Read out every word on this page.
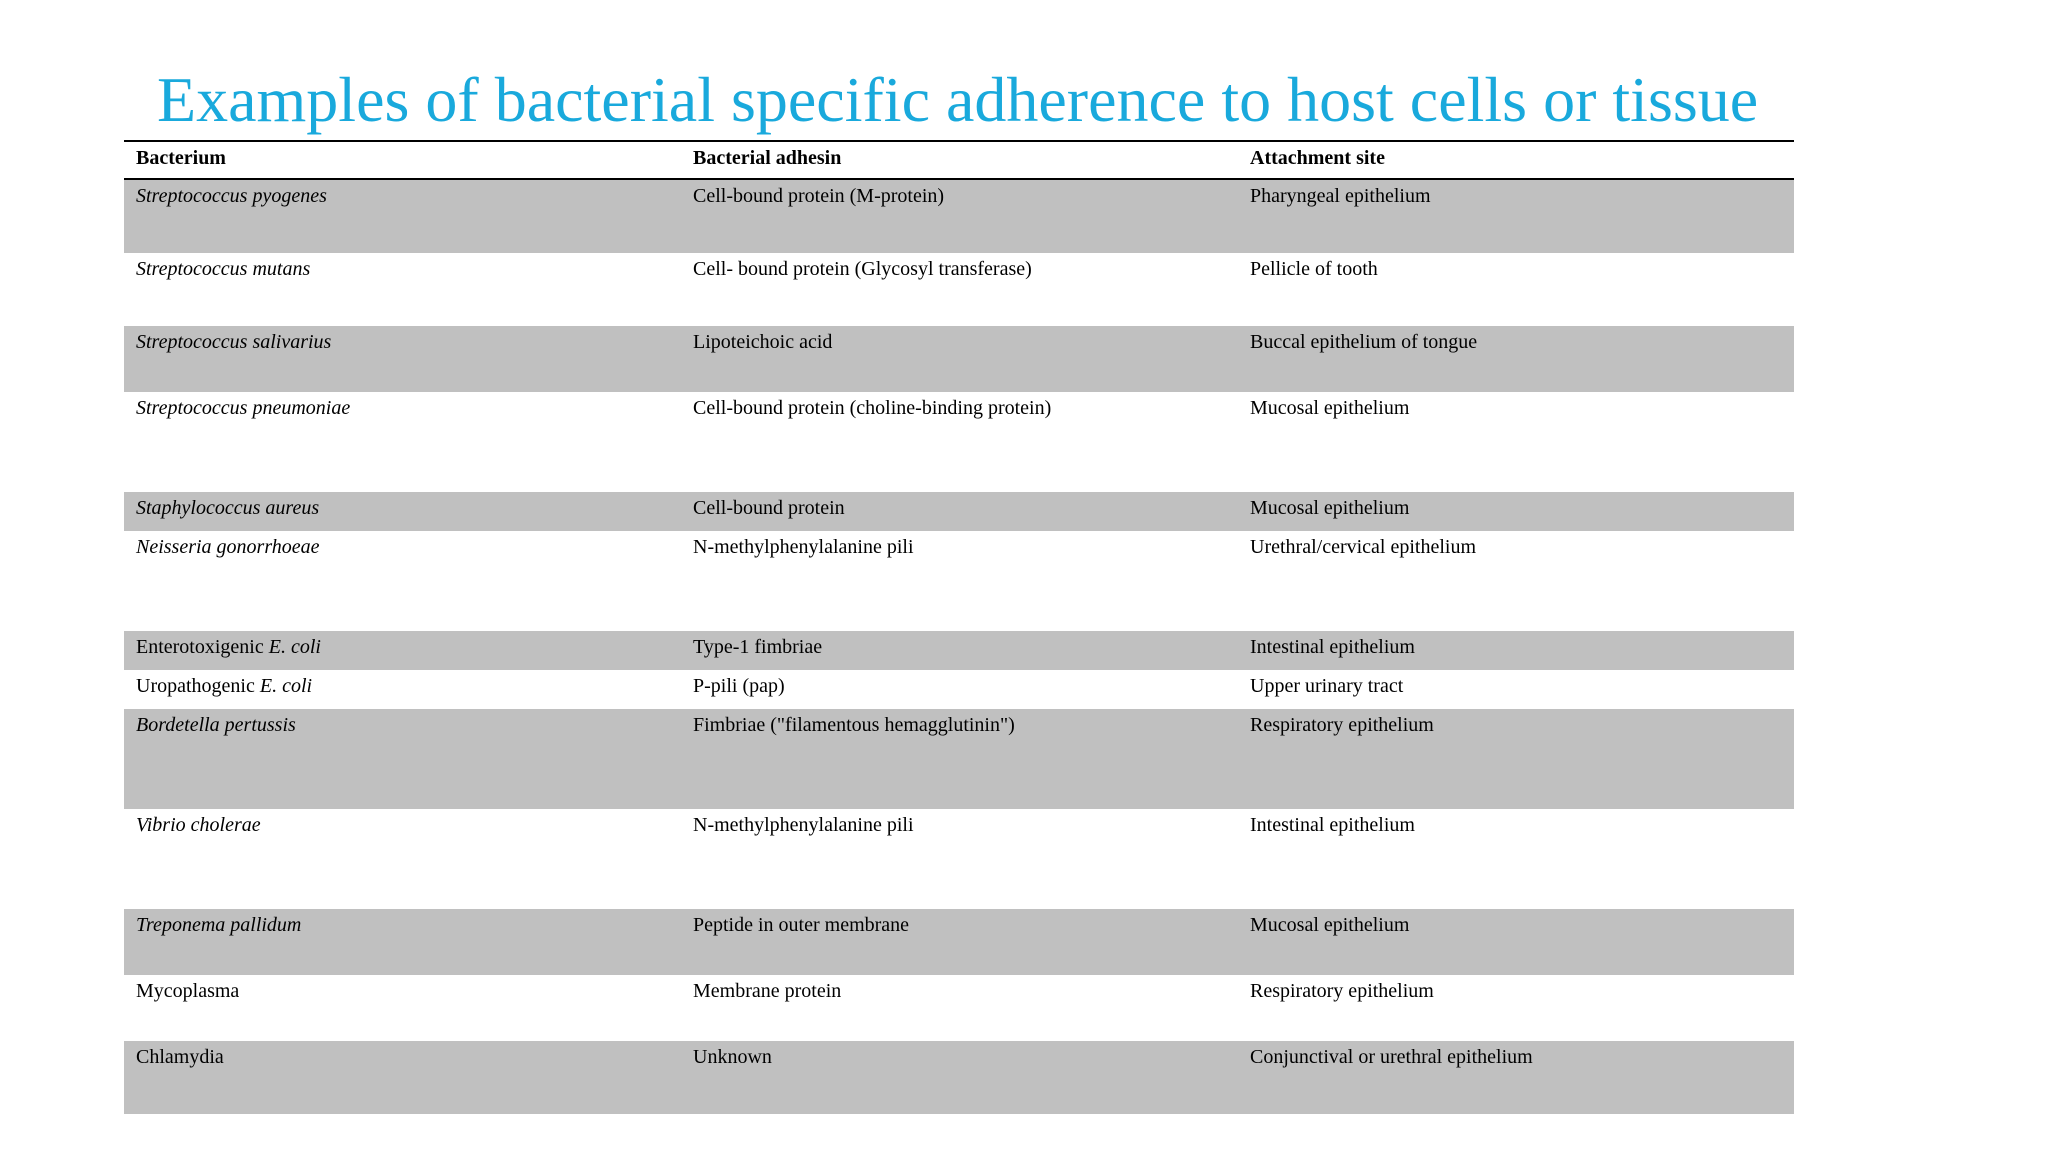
Examples of bacterial specific adherence to host cells or tissue
Bacterium	Bacterial adhesin	Attachment site
Streptococcus pyogenes	Cell-bound protein (M-protein)	Pharyngeal epithelium
Streptococcus mutans	Cell- bound protein (Glycosyl transferase)	Pellicle of tooth
Streptococcus salivarius	Lipoteichoic acid	Buccal epithelium of tongue
Streptococcus pneumoniae	Cell-bound protein (choline-binding protein)	Mucosal epithelium
Staphylococcus aureus	Cell-bound protein	Mucosal epithelium
Neisseria gonorrhoeae	N-methylphenylalanine pili	Urethral/cervical epithelium
Enterotoxigenic E. coli	Type-1 fimbriae	Intestinal epithelium
Uropathogenic E. coli	P-pili (pap)	Upper urinary tract
Bordetella pertussis	Fimbriae ("filamentous hemagglutinin")	Respiratory epithelium
Vibrio cholerae	N-methylphenylalanine pili	Intestinal epithelium
Treponema pallidum	Peptide in outer membrane	Mucosal epithelium
Mycoplasma	Membrane protein	Respiratory epithelium
Chlamydia	Unknown	Conjunctival or urethral epithelium
